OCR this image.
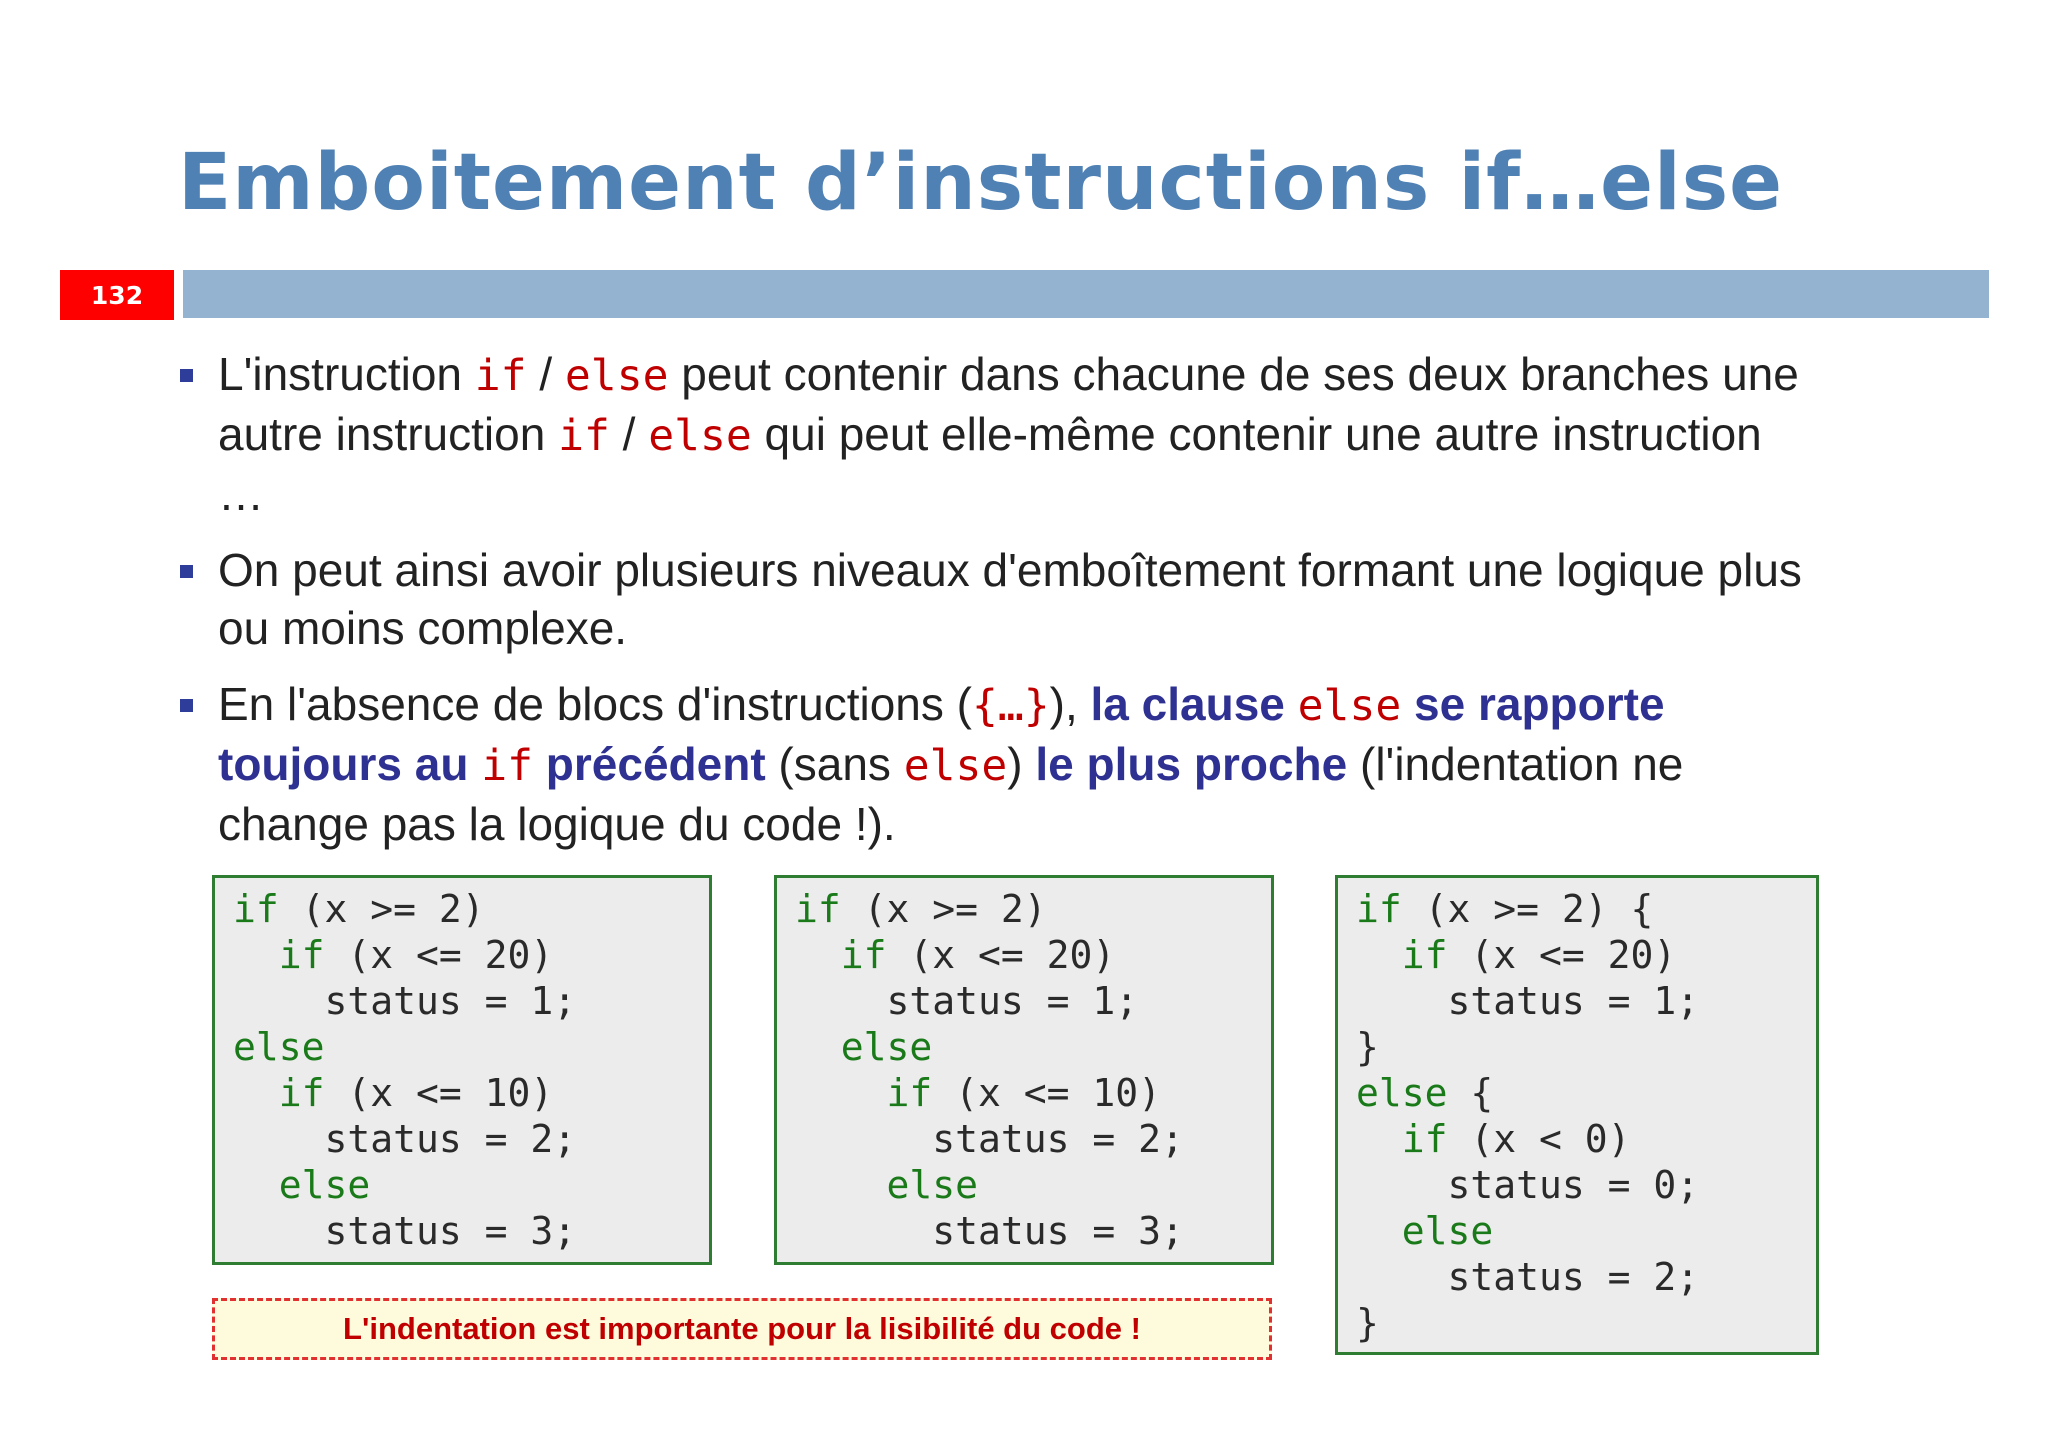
Emboitement d’instructions if…else
132
L'instruction if / else peut contenir dans chacune de ses deux branches une autre instruction if / else qui peut elle-même contenir une autre instruction …
On peut ainsi avoir plusieurs niveaux d'emboîtement formant une logique plus ou moins complexe.
En l'absence de blocs d'instructions ({…}), la clause else se rapporte toujours au if précédent (sans else) le plus proche (l'indentation ne change pas la logique du code !).
if (x >= 2)
if (x <= 20)
status = 1;
else
if (x <= 10)
status = 2;
else
status = 3;
if (x >= 2)
if (x <= 20)
status = 1;
else
if (x <= 10)
status = 2;
else
status = 3;
if (x >= 2) {
if (x <= 20)
status = 1;
}
else {
if (x < 0)
status = 0;
else
status = 2;
}
L'indentation est importante pour la lisibilité du code !
